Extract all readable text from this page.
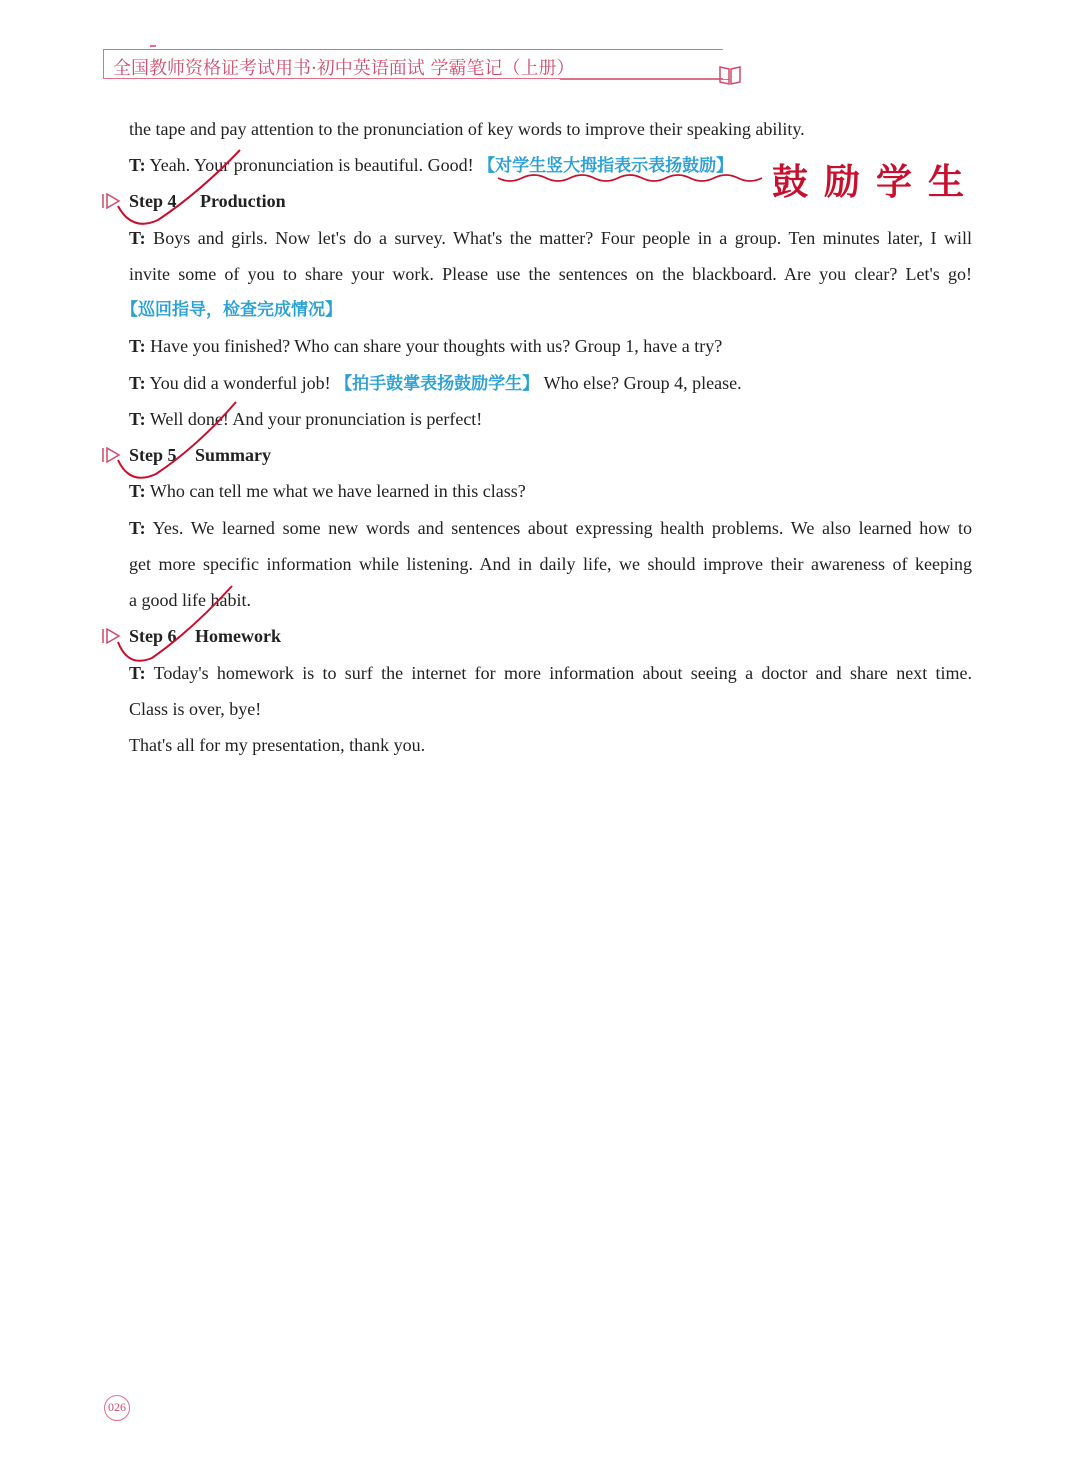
全国教师资格证考试用书·初中英语面试 学霸笔记（上册）
the tape and pay attention to the pronunciation of key words to improve their speaking ability.
T: Yeah. Your pronunciation is beautiful. Good! 【对学生竖大拇指表示表扬鼓励】
Step 4 Production
T: Boys and girls. Now let's do a survey. What's the matter? Four people in a group. Ten minutes later, I will
invite some of you to share your work. Please use the sentences on the blackboard. Are you clear? Let's go!
【巡回指导，检查完成情况】
T: Have you finished? Who can share your thoughts with us? Group 1, have a try?
T: You did a wonderful job! 【拍手鼓掌表扬鼓励学生】 Who else? Group 4, please.
T: Well done! And your pronunciation is perfect!
Step 5 Summary
T: Who can tell me what we have learned in this class?
T: Yes. We learned some new words and sentences about expressing health problems. We also learned how to
get more specific information while listening. And in daily life, we should improve their awareness of keeping
a good life habit.
Step 6 Homework
T: Today's homework is to surf the internet for more information about seeing a doctor and share next time.
Class is over, bye!
That's all for my presentation, thank you.
鼓励学生
026
